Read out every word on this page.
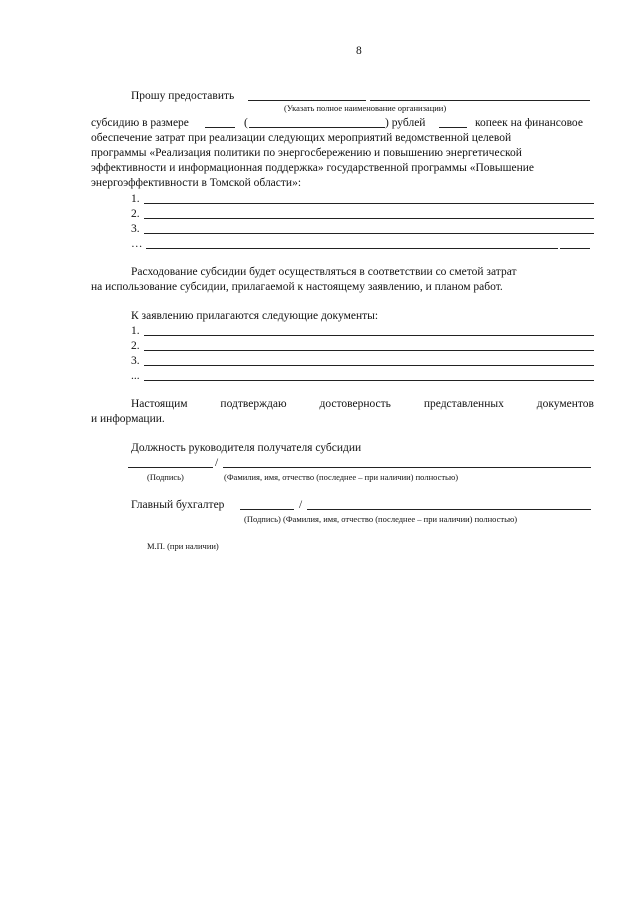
8
Прошу предоставить
(Указать полное наименование организации)
субсидию в размере	(	) рублей	копеек на финансовое
обеспечение затрат при реализации следующих мероприятий ведомственной целевой
программы «Реализация политики по энергосбережению и повышению энергетической
эффективности и информационная поддержка» государственной программы «Повышение
энергоэффективности в Томской области»:
1.
2.
3.
…
Расходование субсидии будет осуществляться в соответствии со сметой затрат
на использование субсидии, прилагаемой к настоящему заявлению, и планом работ.
К заявлению прилагаются следующие документы:
1.
2.
3.
...
Настоящим	подтверждаю	достоверность	представленных	документов
и информации.
Должность руководителя получателя субсидии
/
(Подпись)	(Фамилия, имя, отчество (последнее – при наличии) полностью)
Главный бухгалтер	/
(Подпись) (Фамилия, имя, отчество (последнее – при наличии) полностью)
М.П. (при наличии)
